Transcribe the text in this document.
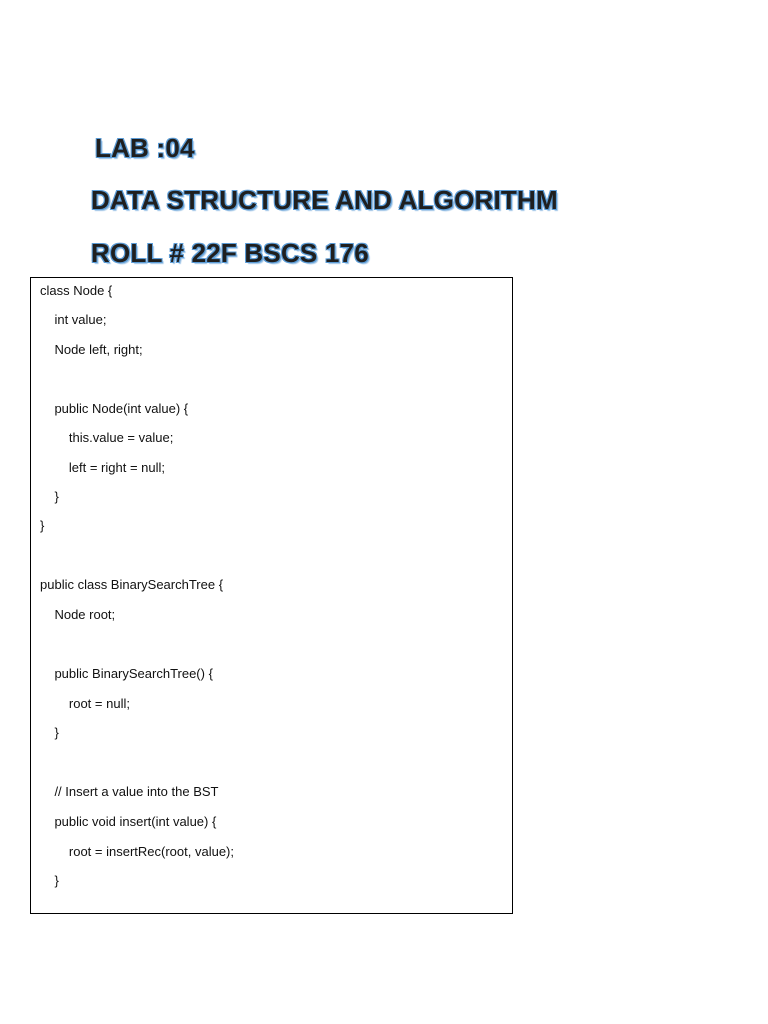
LAB :04
DATA STRUCTURE AND ALGORITHM
ROLL # 22F BSCS 176
class Node {
int value;
Node left, right;
public Node(int value) {
this.value = value;
left = right = null;
}
}
public class BinarySearchTree {
Node root;
public BinarySearchTree() {
root = null;
}
// Insert a value into the BST
public void insert(int value) {
root = insertRec(root, value);
}
